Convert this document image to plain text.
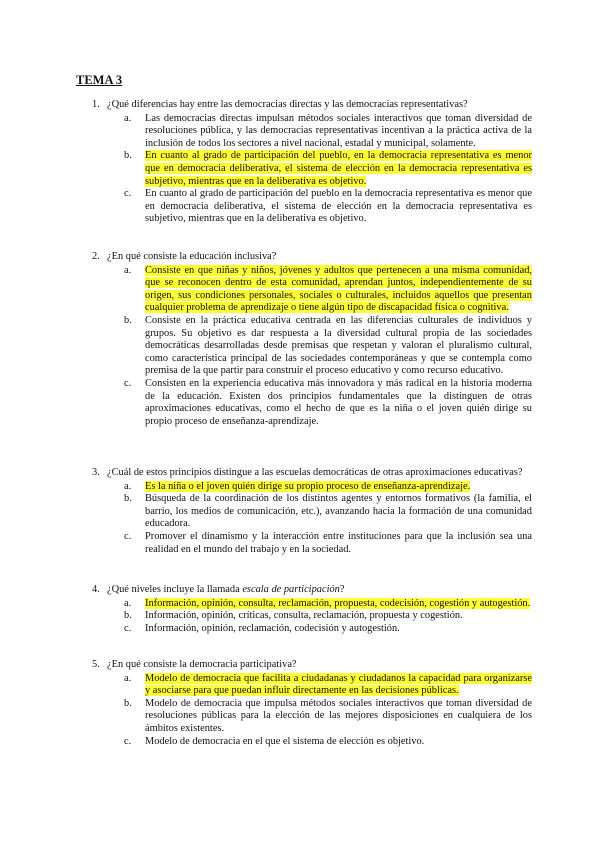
TEMA 3
1. ¿Qué diferencias hay entre las democracias directas y las democracias representativas?
a. Las democracias directas impulsan métodos sociales interactivos que toman diversidad de resoluciones pública, y las democracias representativas incentivan a la práctica activa de la inclusión de todos los sectores a nivel nacional, estadal y municipal, solamente.
b. En cuanto al grado de participación del pueblo, en la democracia representativa es menor que en democracia deliberativa, el sistema de elección en la democracia representativa es subjetivo, mientras que en la deliberativa es objetivo.
c. En cuanto al grado de participación del pueblo en la democracia representativa es menor que en democracia deliberativa, el sistema de elección en la democracia representativa es subjetivo, mientras que en la deliberativa es objetivo.
2. ¿En qué consiste la educación inclusiva?
a. Consiste en que niñas y niños, jóvenes y adultos que pertenecen a una misma comunidad, que se reconocen dentro de esta comunidad, aprendan juntos, independientemente de su origen, sus condiciones personales, sociales o culturales, incluidos aquellos que presentan cualquier problema de aprendizaje o tiene algún tipo de discapacidad física o cognitiva.
b. Consiste en la práctica educativa centrada en las diferencias culturales de individuos y grupos. Su objetivo es dar respuesta a la diversidad cultural propia de las sociedades democráticas desarrolladas desde premisas que respetan y valoran el pluralismo cultural, como característica principal de las sociedades contemporáneas y que se contempla como premisa de la que partir para construir el proceso educativo y como recurso educativo.
c. Consisten en la experiencia educativa más innovadora y más radical en la historia moderna de la educación. Existen dos principios fundamentales que la distinguen de otras aproximaciones educativas, como el hecho de que es la niña o el joven quién dirige su propio proceso de enseñanza-aprendizaje.
3. ¿Cuál de estos principios distingue a las escuelas democráticas de otras aproximaciones educativas?
a. Es la niña o el joven quién dirige su propio proceso de enseñanza-aprendizaje.
b. Búsqueda de la coordinación de los distintos agentes y entornos formativos (la familia, el barrio, los medios de comunicación, etc.), avanzando hacia la formación de una comunidad educadora.
c. Promover el dinamismo y la interacción entre instituciones para que la inclusión sea una realidad en el mundo del trabajo y en la sociedad.
4. ¿Qué niveles incluye la llamada escala de participación?
a. Información, opinión, consulta, reclamación, propuesta, codecisión, cogestión y autogestión.
b. Información, opinión, críticas, consulta, reclamación, propuesta y cogestión.
c. Información, opinión, reclamación, codecisión y autogestión.
5. ¿En qué consiste la democracia participativa?
a. Modelo de democracia que facilita a ciudadanas y ciudadanos la capacidad para organizarse y asociarse para que puedan influir directamente en las decisiones públicas.
b. Modelo de democracia que impulsa métodos sociales interactivos que toman diversidad de resoluciones públicas para la elección de las mejores disposiciones en cualquiera de los ámbitos existentes.
c. Modelo de democracia en el que el sistema de elección es objetivo.
